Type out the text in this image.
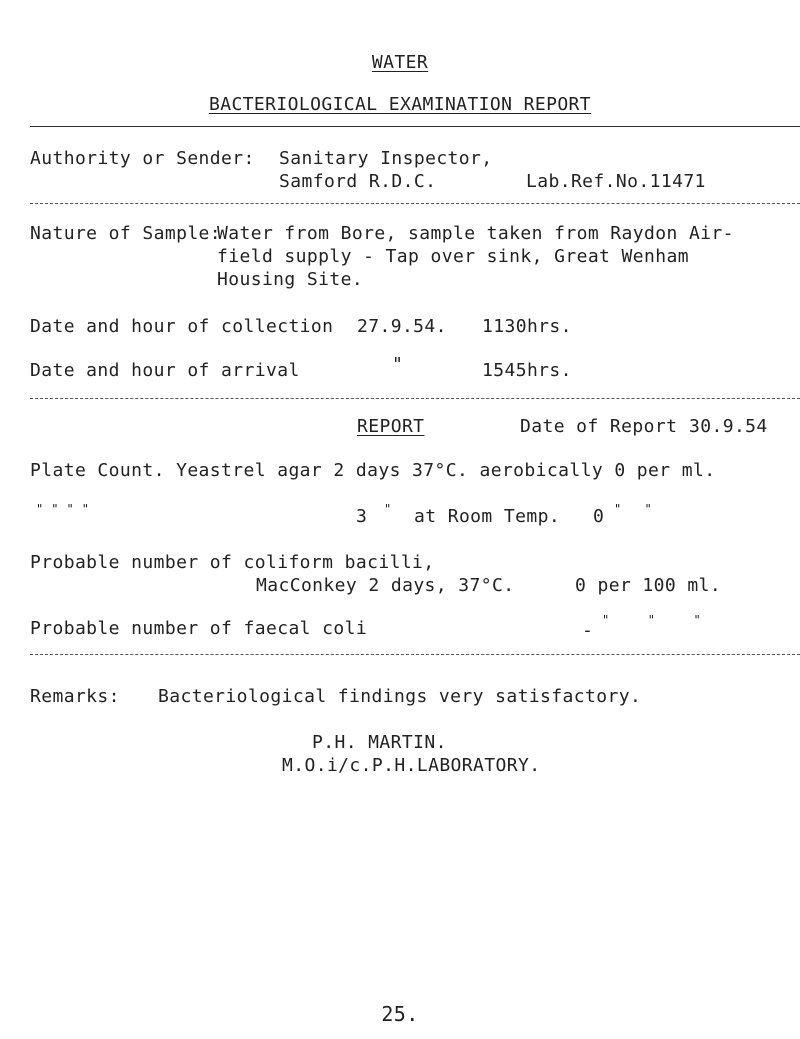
WATER
BACTERIOLOGICAL EXAMINATION REPORT
Authority or Sender: Sanitary Inspector,
Samford R.D.C.	Lab.Ref.No.11471
Nature of Sample:
Water from Bore, sample taken from Raydon Air-
field supply - Tap over sink, Great Wenham
Housing Site.
Date and hour of collection 27.9.54. 1130hrs.
Date and hour of arrival	"	1545hrs.
REPORT	Date of Report 30.9.54
Plate Count. Yeastrel agar 2 days 37°C. aerobically 0 per ml.
" " " "	3 " at Room Temp. 0 "   "
Probable number of coliform bacilli,
MacConkey 2 days, 37°C.	0 per 100 ml.
Probable number of faecal coli	- "     "     "
Remarks: Bacteriological findings very satisfactory.
P.H. MARTIN.
M.O.i/c.P.H.LABORATORY.
25.
